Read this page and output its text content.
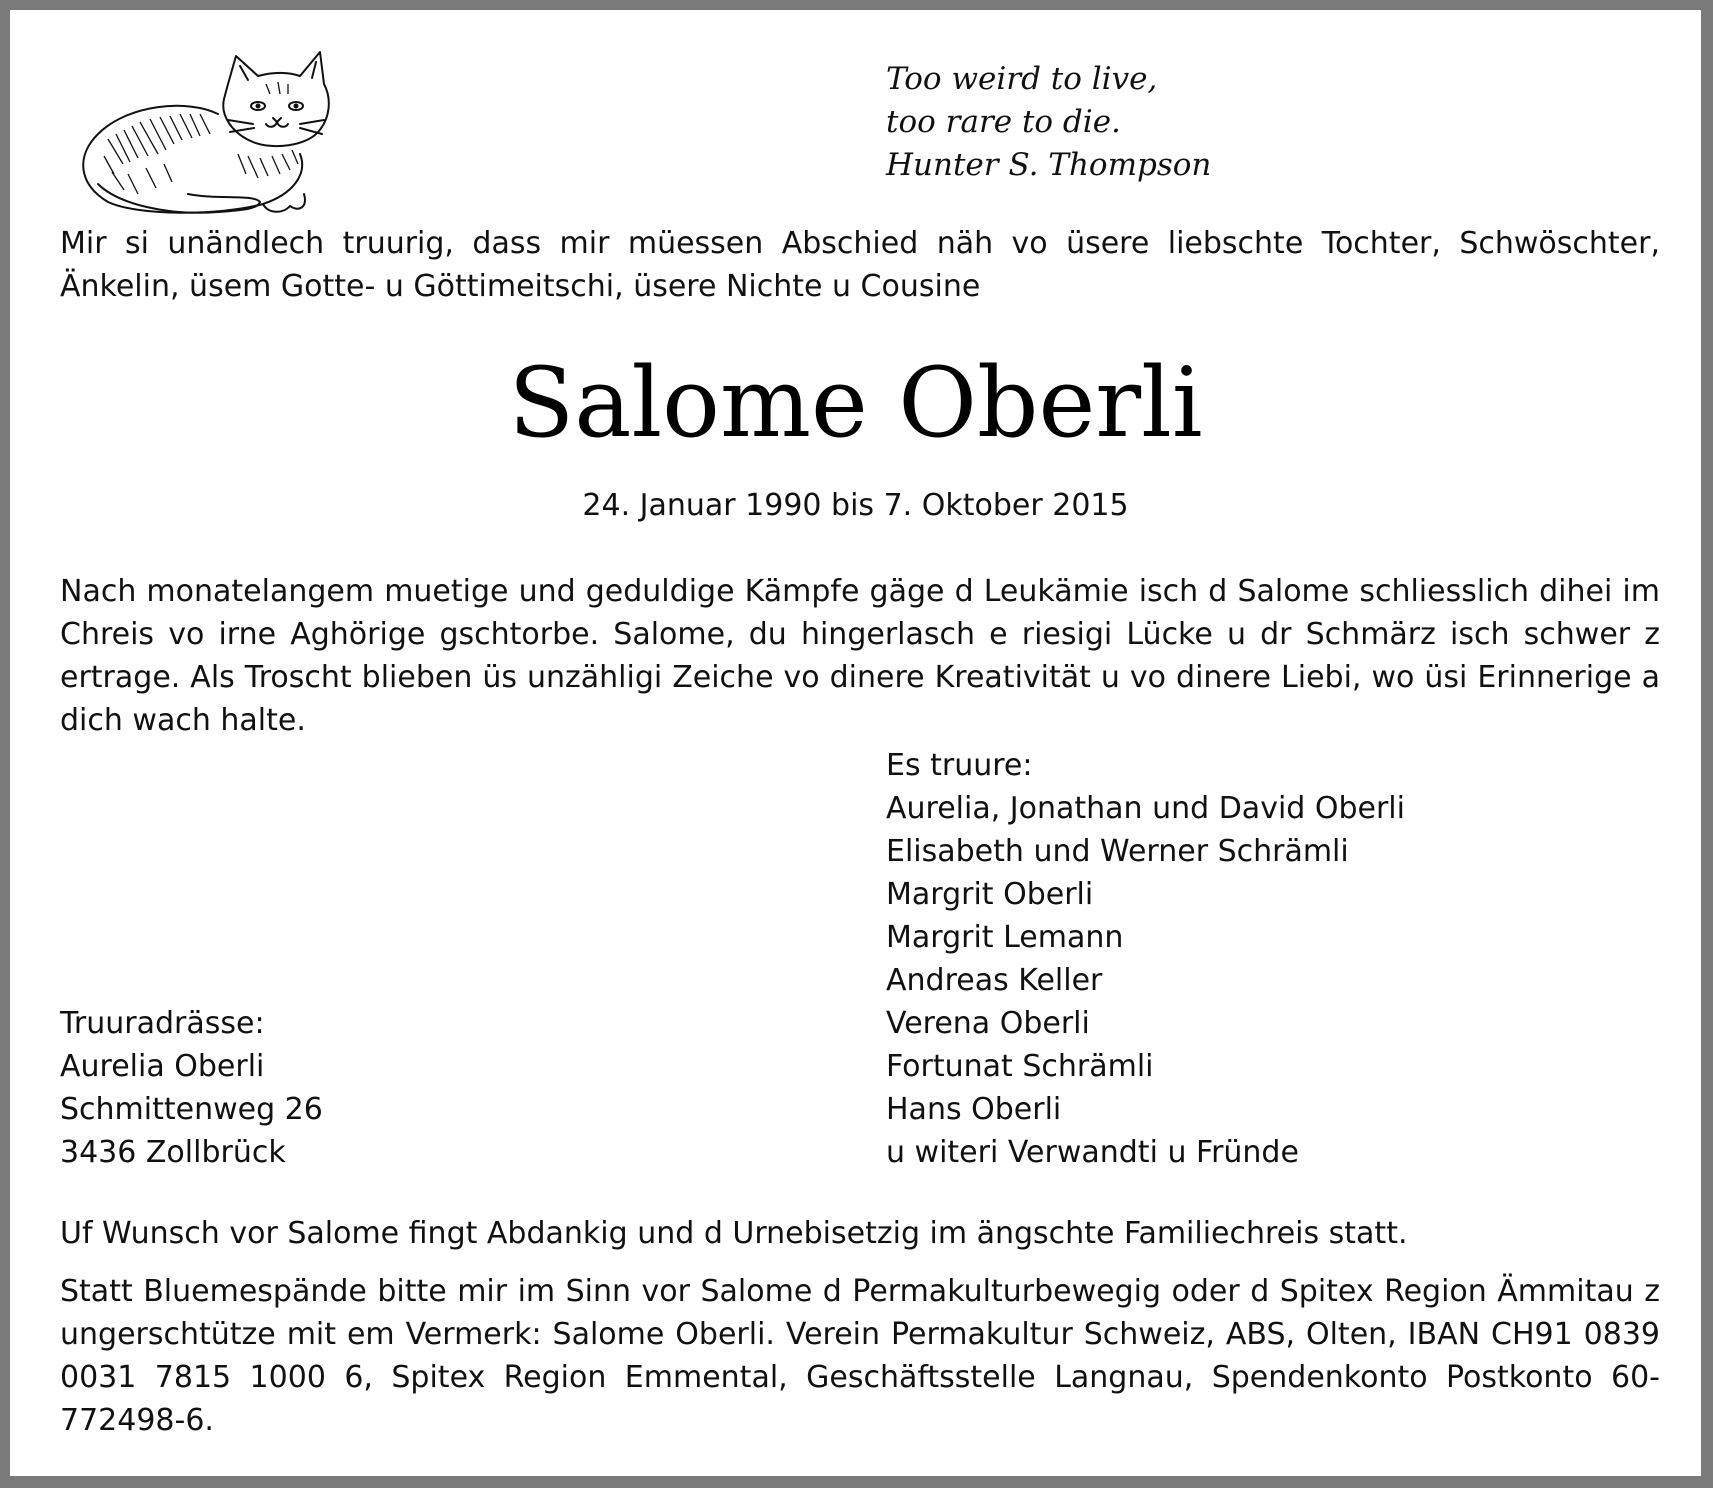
Too weird to live,
too rare to die.
Hunter S. Thompson
Mir si unändlech truurig, dass mir müessen Abschied näh vo üsere liebschte Tochter, Schwöschter, Änkelin, üsem Gotte- u Göttimeitschi, üsere Nichte u Cousine
Salome Oberli
24. Januar 1990 bis 7. Oktober 2015
Nach monatelangem muetige und geduldige Kämpfe gäge d Leukämie isch d Salome schliesslich dihei im Chreis vo irne Aghörige gschtorbe. Salome, du hingerlasch e riesigi Lücke u dr Schmärz isch schwer z ertrage. Als Troscht blieben üs unzähligi Zeiche vo dinere Kreativität u vo dinere Liebi, wo üsi Erinnerige a dich wach halte.
Es truure:
Aurelia, Jonathan und David Oberli
Elisabeth und Werner Schrämli
Margrit Oberli
Margrit Lemann
Andreas Keller
Verena Oberli
Fortunat Schrämli
Hans Oberli
u witeri Verwandti u Fründe
Truuradrässe:
Aurelia Oberli
Schmittenweg 26
3436 Zollbrück
Uf Wunsch vor Salome fingt Abdankig und d Urnebisetzig im ängschte Familiechreis statt.
Statt Bluemespände bitte mir im Sinn vor Salome d Permakulturbewegig oder d Spitex Region Ämmitau z ungerschtütze mit em Vermerk: Salome Oberli. Verein Permakultur Schweiz, ABS, Olten, IBAN CH91 0839 0031 7815 1000 6, Spitex Region Emmental, Geschäftsstelle Langnau, Spendenkonto Postkonto 60-772498-6.
